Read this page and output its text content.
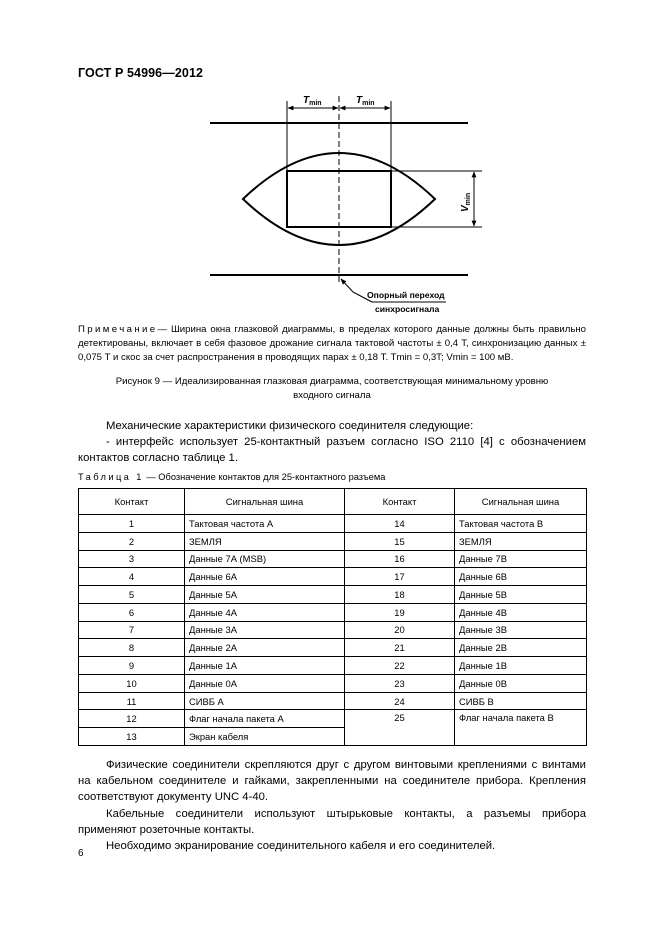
ГОСТ Р 54996—2012
$T_{min}$	$T_{min}$
$V_{min}$
Опорный переход
синхросигнала
Примечание— Ширина окна глазковой диаграммы, в пределах которого данные должны быть правильно детектированы, включает в себя фазовое дрожание сигнала тактовой частоты ± 0,4 T, синхронизацию данных ± 0,075 T и скос за счет распространения в проводящих парах ± 0,18 T. Tmin = 0,3T; Vmin = 100 мВ.
Рисунок 9 — Идеализированная глазковая диаграмма, соответствующая минимальному уровню
входного сигнала
Механические характеристики физического соединителя следующие:
- интерфейс использует 25-контактный разъем согласно ISO 2110 [4] с обозначением контактов согласно таблице 1.
Таблица 1 — Обозначение контактов для 25-контактного разъема
Контакт	Сигнальная шина	Контакт	Сигнальная шина
1	Тактовая частота А	14	Тактовая частота В
2	ЗЕМЛЯ	15	ЗЕМЛЯ
3	Данные 7А (MSB)	16	Данные 7В
4	Данные 6А	17	Данные 6В
5	Данные 5А	18	Данные 5В
6	Данные 4А	19	Данные 4В
7	Данные 3А	20	Данные 3В
8	Данные 2А	21	Данные 2В
9	Данные 1А	22	Данные 1В
10	Данные 0А	23	Данные 0В
11	СИВБ А	24	СИВБ В
12	Флаг начала пакета А	25	Флаг начала пакета В
13	Экран кабеля		
Физические соединители скрепляются друг с другом винтовыми креплениями с винтами на кабельном соединителе и гайками, закрепленными на соединителе прибора. Крепления соответствуют документу UNC 4-40.
Кабельные соединители используют штырьковые контакты, а разъемы прибора применяют розеточные контакты.
Необходимо экранирование соединительного кабеля и его соединителей.
6
